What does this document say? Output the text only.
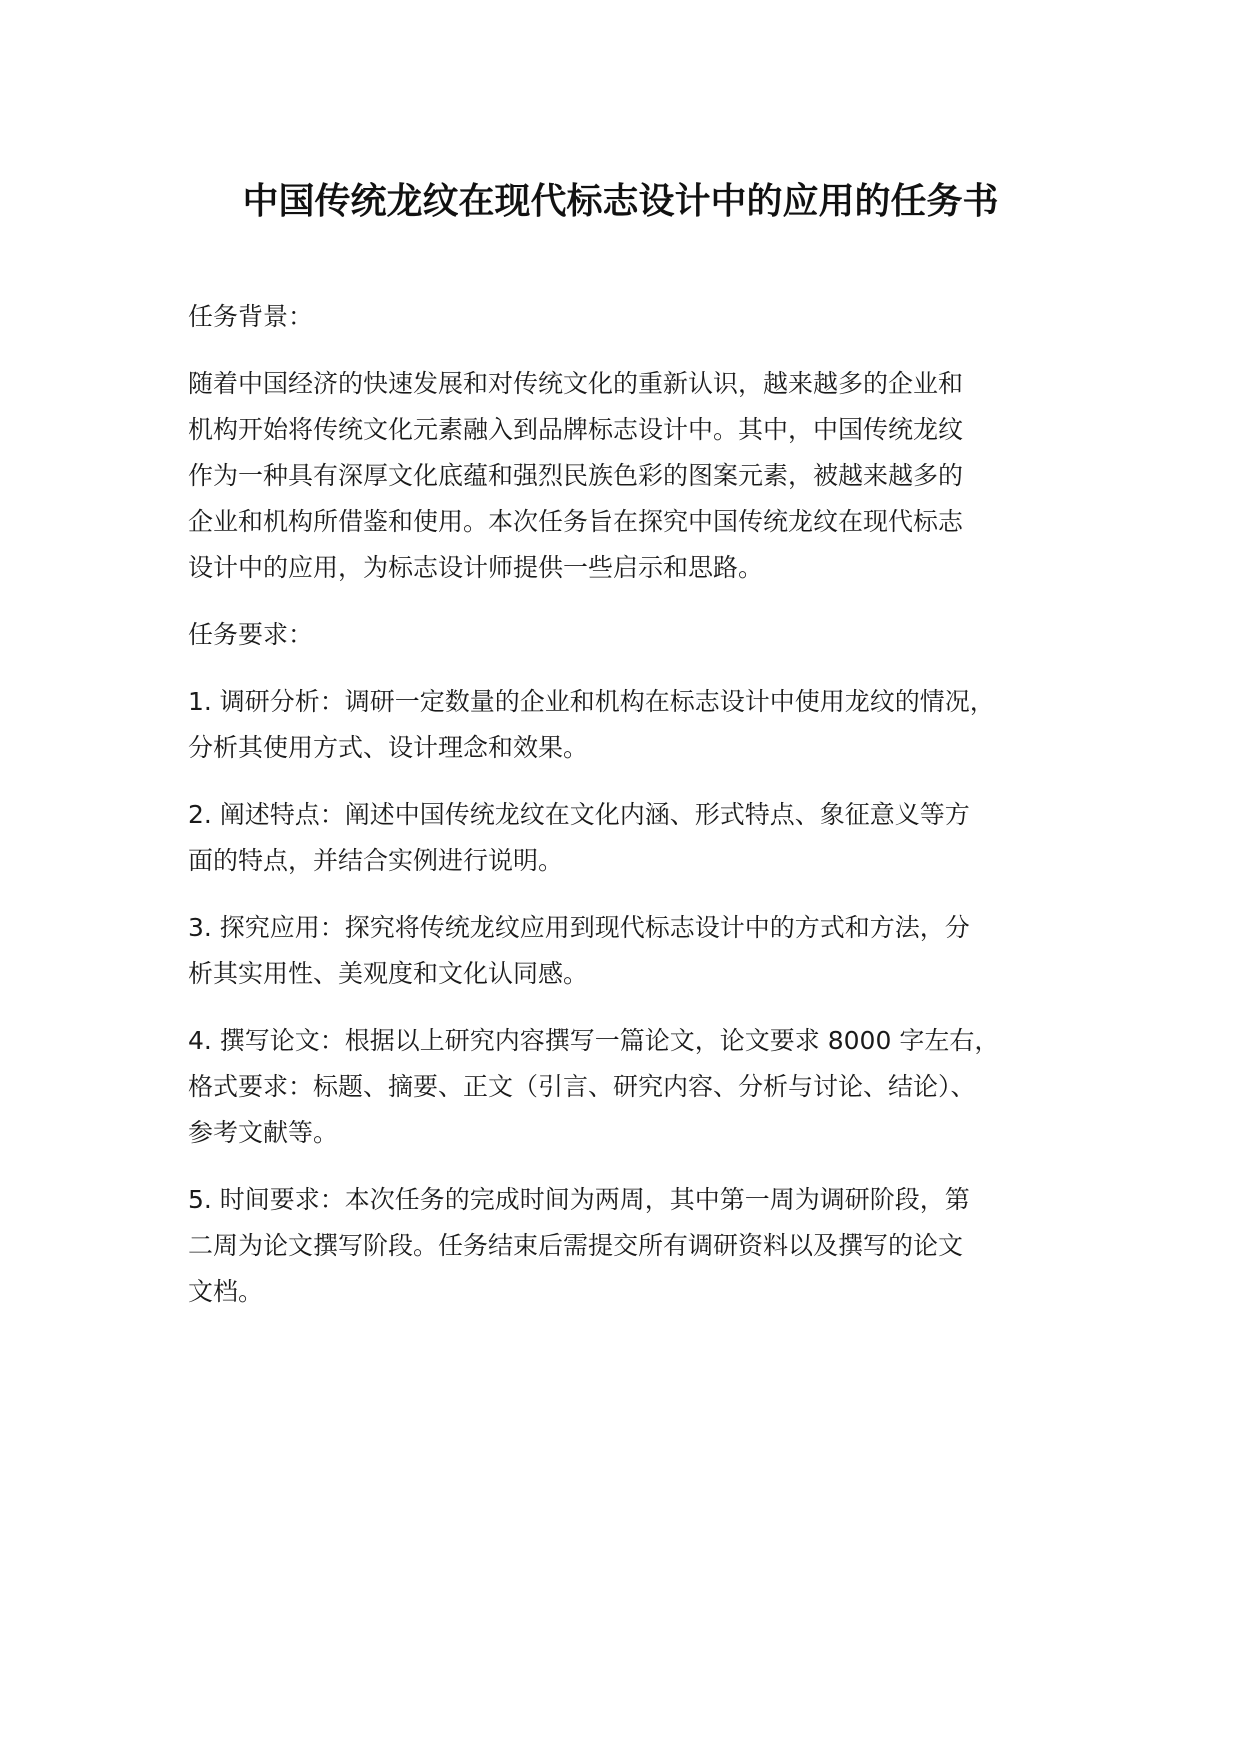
中国传统龙纹在现代标志设计中的应用的任务书

任务背景：

随着中国经济的快速发展和对传统文化的重新认识，越来越多的企业和
机构开始将传统文化元素融入到品牌标志设计中。其中，中国传统龙纹
作为一种具有深厚文化底蕴和强烈民族色彩的图案元素，被越来越多的
企业和机构所借鉴和使用。本次任务旨在探究中国传统龙纹在现代标志
设计中的应用，为标志设计师提供一些启示和思路。

任务要求：

1. 调研分析：调研一定数量的企业和机构在标志设计中使用龙纹的情况，
分析其使用方式、设计理念和效果。

2. 阐述特点：阐述中国传统龙纹在文化内涵、形式特点、象征意义等方
面的特点，并结合实例进行说明。

3. 探究应用：探究将传统龙纹应用到现代标志设计中的方式和方法，分
析其实用性、美观度和文化认同感。

4. 撰写论文：根据以上研究内容撰写一篇论文，论文要求 8000 字左右，
格式要求：标题、摘要、正文（引言、研究内容、分析与讨论、结论）、
参考文献等。

5. 时间要求：本次任务的完成时间为两周，其中第一周为调研阶段，第
二周为论文撰写阶段。任务结束后需提交所有调研资料以及撰写的论文
文档。
